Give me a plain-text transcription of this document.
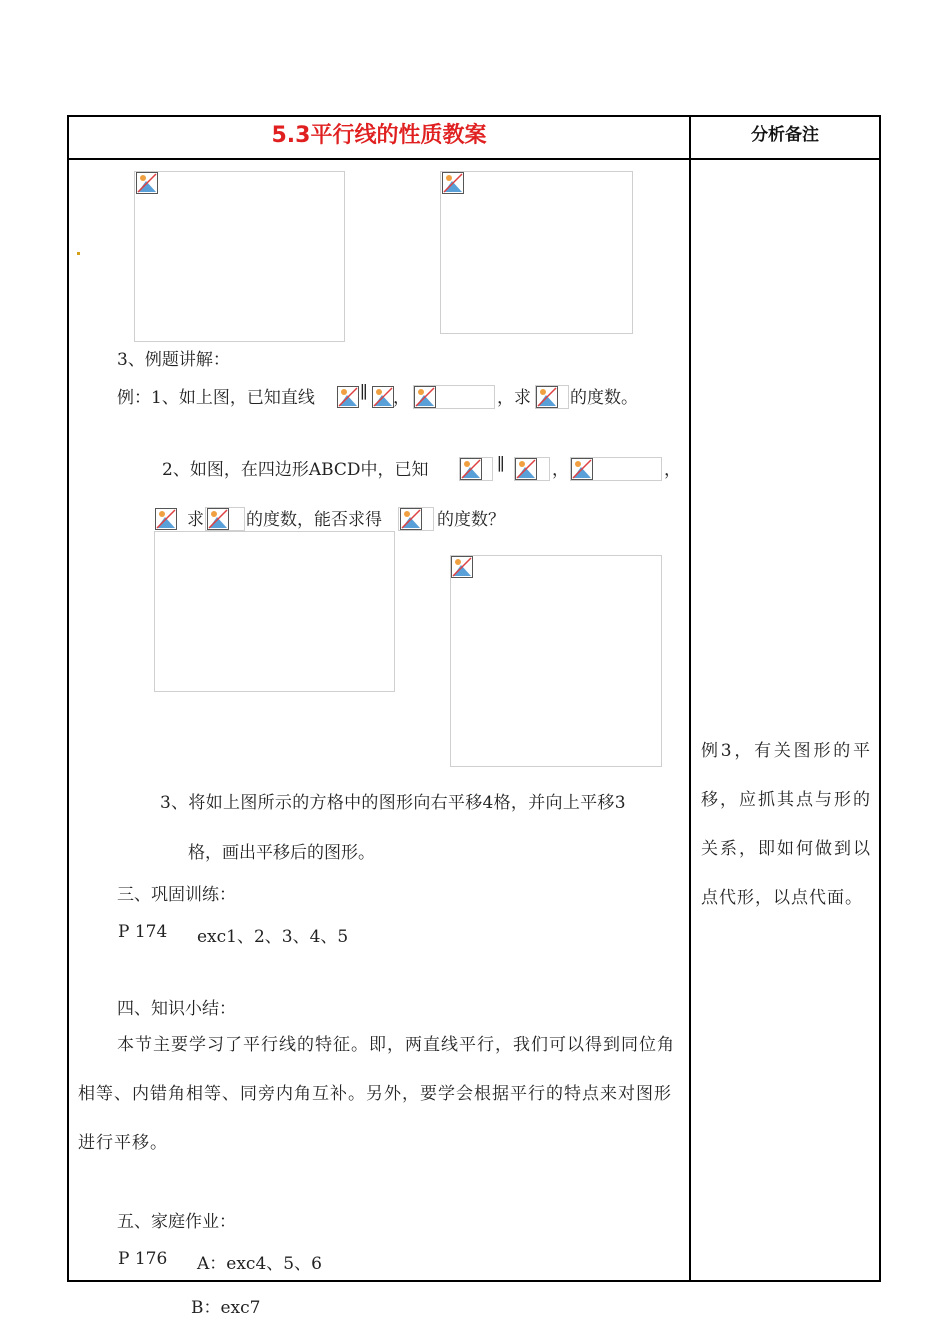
5.3平行线的性质教案	分析备注
3、例题讲解：
例：1、如上图，已知直线	∥ ，	，求 的度数。
2、如图，在四边形ABCD中，已知	∥	，	，
求 的度数，能否求得	的度数？
3、将如上图所示的方格中的图形向右平移4格，并向上平移3
格，画出平移后的图形。
三、巩固训练：
P 174 exc1、2、3、4、5
四、知识小结：
本节主要学习了平行线的特征。即，两直线平行，我们可以得到同位角相等、内错角相等、同旁内角互补。另外，要学会根据平行的特点来对图形进行平移。
五、家庭作业：
P 176 A：exc4、5、6
B：exc7
例3，有关图形的平移，应抓其点与形的关系，即如何做到以点代形，以点代面。
